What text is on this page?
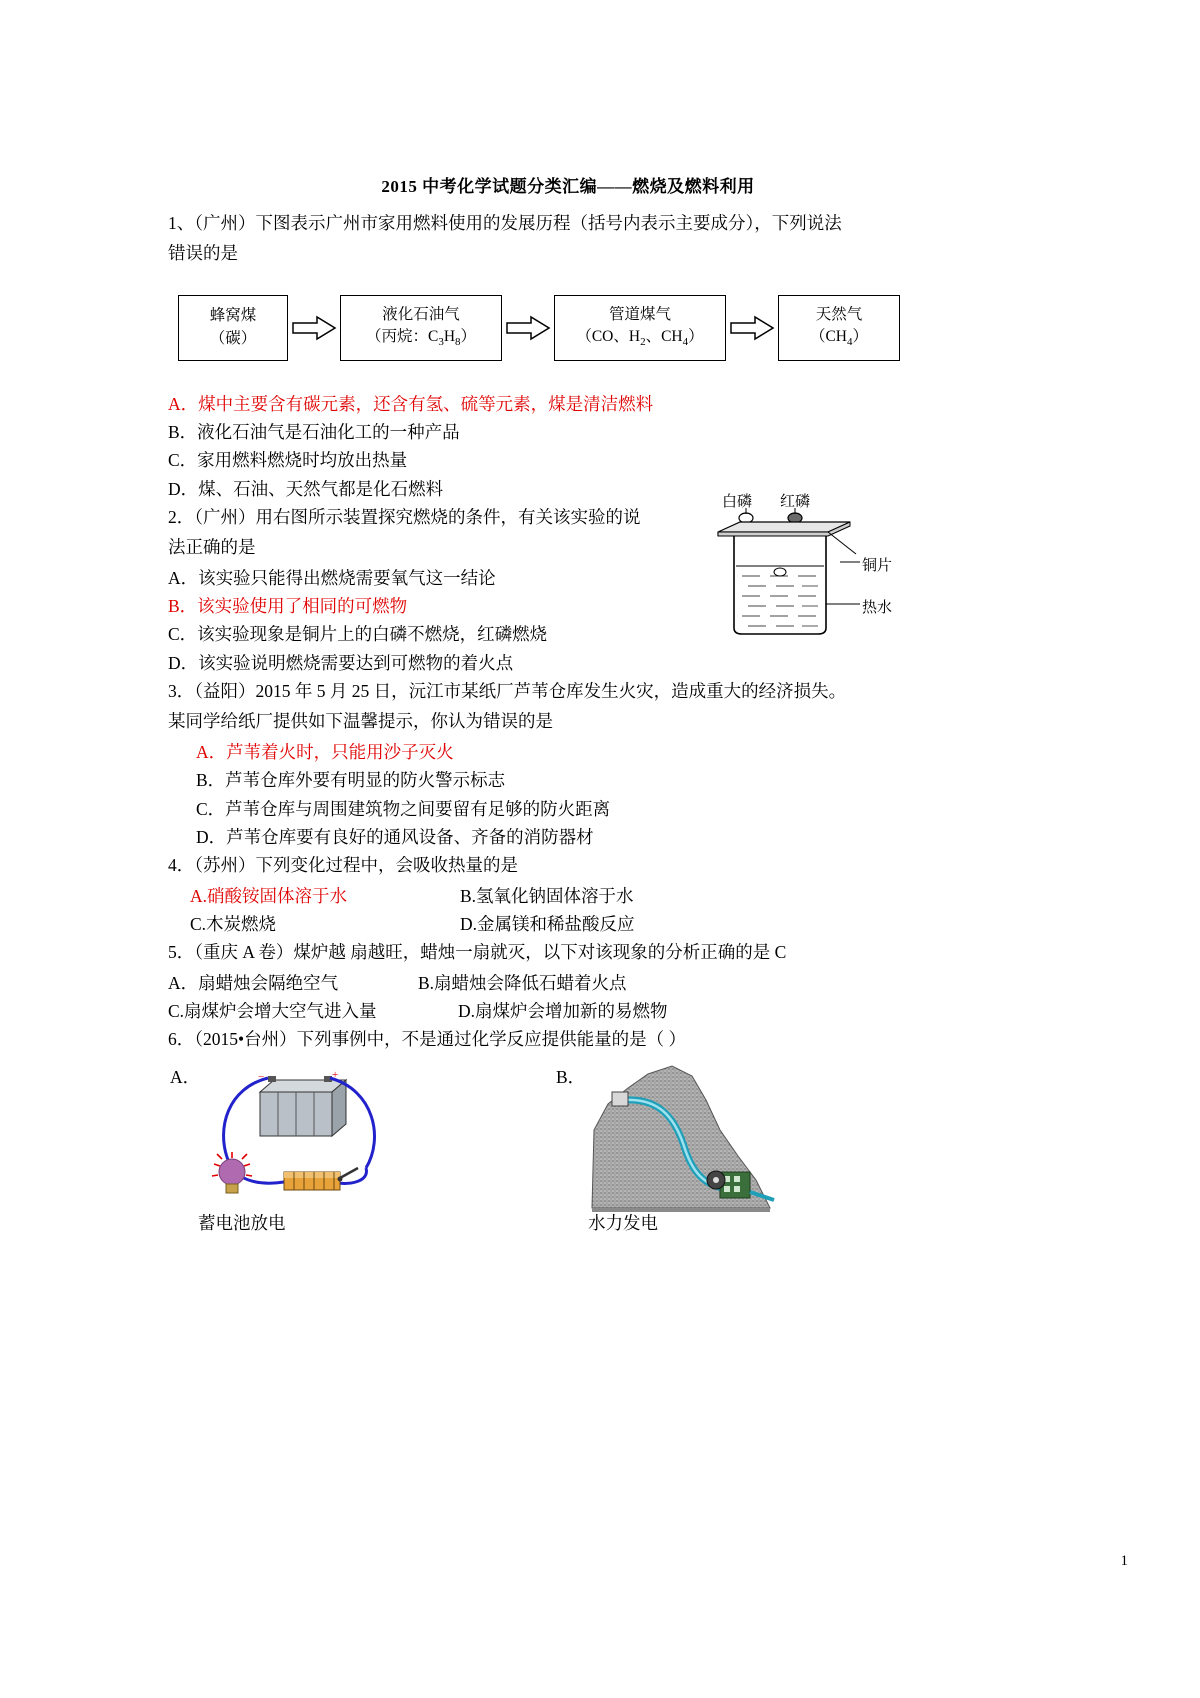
2015 中考化学试题分类汇编——燃烧及燃料利用
1、（广州）下图表示广州市家用燃料使用的发展历程（括号内表示主要成分），下列说法
错误的是
蜂窝煤
（碳）
液化石油气
（丙烷：$C_3H_8$）
管道煤气
（CO、$H_2$、$CH_4$）
天然气
$(CH_4)$
A．煤中主要含有碳元素，还含有氢、硫等元素，煤是清洁燃料
B．液化石油气是石油化工的一种产品
C．家用燃料燃烧时均放出热量
D．煤、石油、天然气都是化石燃料
2．（广州）用右图所示装置探究燃烧的条件，有关该实验的说
法正确的是
A．该实验只能得出燃烧需要氧气这一结论
B．该实验使用了相同的可燃物
C．该实验现象是铜片上的白磷不燃烧，红磷燃烧
D．该实验说明燃烧需要达到可燃物的着火点
3．（益阳）2015 年 5 月 25 日，沅江市某纸厂芦苇仓库发生火灾，造成重大的经济损失。
某同学给纸厂提供如下温馨提示，你认为错误的是
A．芦苇着火时，只能用沙子灭火
B．芦苇仓库外要有明显的防火警示标志
C．芦苇仓库与周围建筑物之间要留有足够的防火距离
D．芦苇仓库要有良好的通风设备、齐备的消防器材
4．（苏州）下列变化过程中，会吸收热量的是
A.硝酸铵固体溶于水	B.氢氧化钠固体溶于水
C.木炭燃烧	D.金属镁和稀盐酸反应
5．（重庆 A 卷）煤炉越 扇越旺，蜡烛一扇就灭，以下对该现象的分析正确的是 C
A．扇蜡烛会隔绝空气	B.扇蜡烛会降低石蜡着火点
C.扇煤炉会增大空气进入量	D.扇煤炉会增加新的易燃物
6．（2015•台州）下列事例中，不是通过化学反应提供能量的是（ ）
A．	B．
+
−
蓄电池放电	水力发电
白磷 红磷
铜片
热水
1
